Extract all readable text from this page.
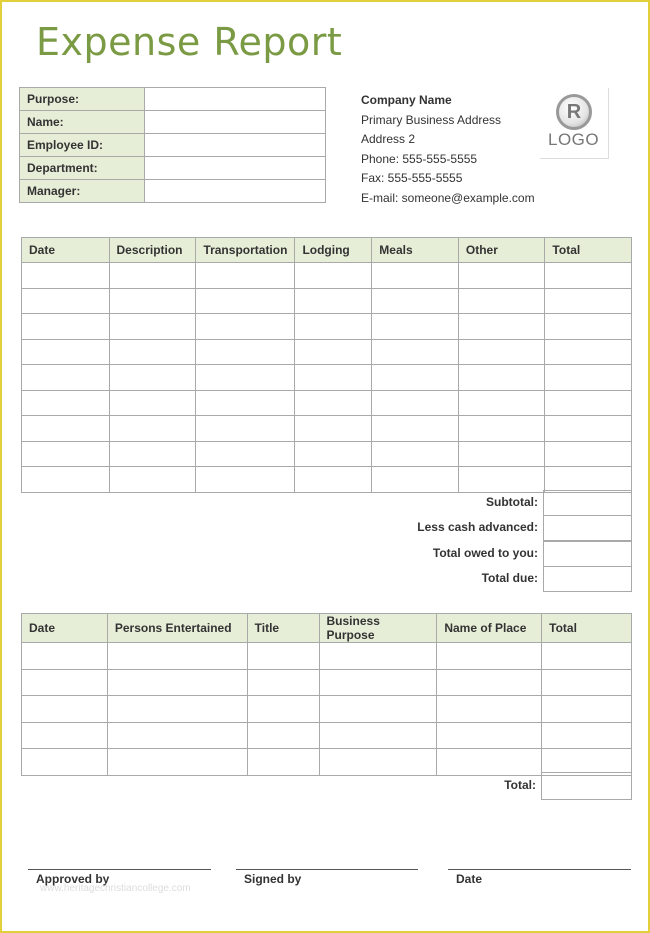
Expense Report
Purpose:	
Name:	
Employee ID:	
Department:	
Manager:	
Company Name
Primary Business Address
Address 2
Phone: 555-555-5555
Fax: 555-555-5555
E-mail: someone@example.com
R
LOGO
Date	Description	Transportation	Lodging	Meals	Other	Total

Subtotal:
Less cash advanced:
Total owed to you:
Total due:
Date	Persons Entertained	Title	Business Purpose	Name of Place	Total

Total:
Approved by	Signed by	Date
www.heritagechristiancollege.com
